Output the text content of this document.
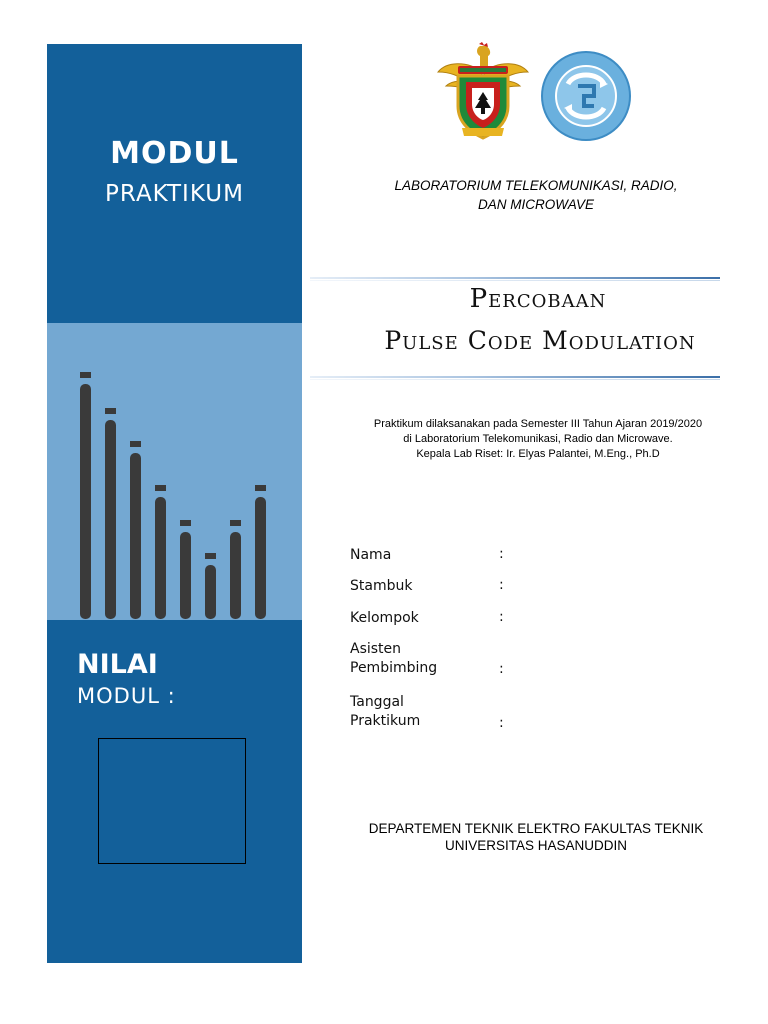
MODUL
PRAKTIKUM
NILAI
MODUL :
LABORATORIUM TELEKOMUNIKASI, RADIO,
DAN MICROWAVE
Percobaan
Pulse Code Modulation
Praktikum dilaksanakan pada Semester III Tahun Ajaran 2019/2020
di Laboratorium Telekomunikasi, Radio dan Microwave.
Kepala Lab Riset: Ir. Elyas Palantei, M.Eng., Ph.D
Nama	:
Stambuk	:
Kelompok	:
Asisten
Pembimbing	:
Tanggal
Praktikum	:
DEPARTEMEN TEKNIK ELEKTRO FAKULTAS TEKNIK
UNIVERSITAS HASANUDDIN
